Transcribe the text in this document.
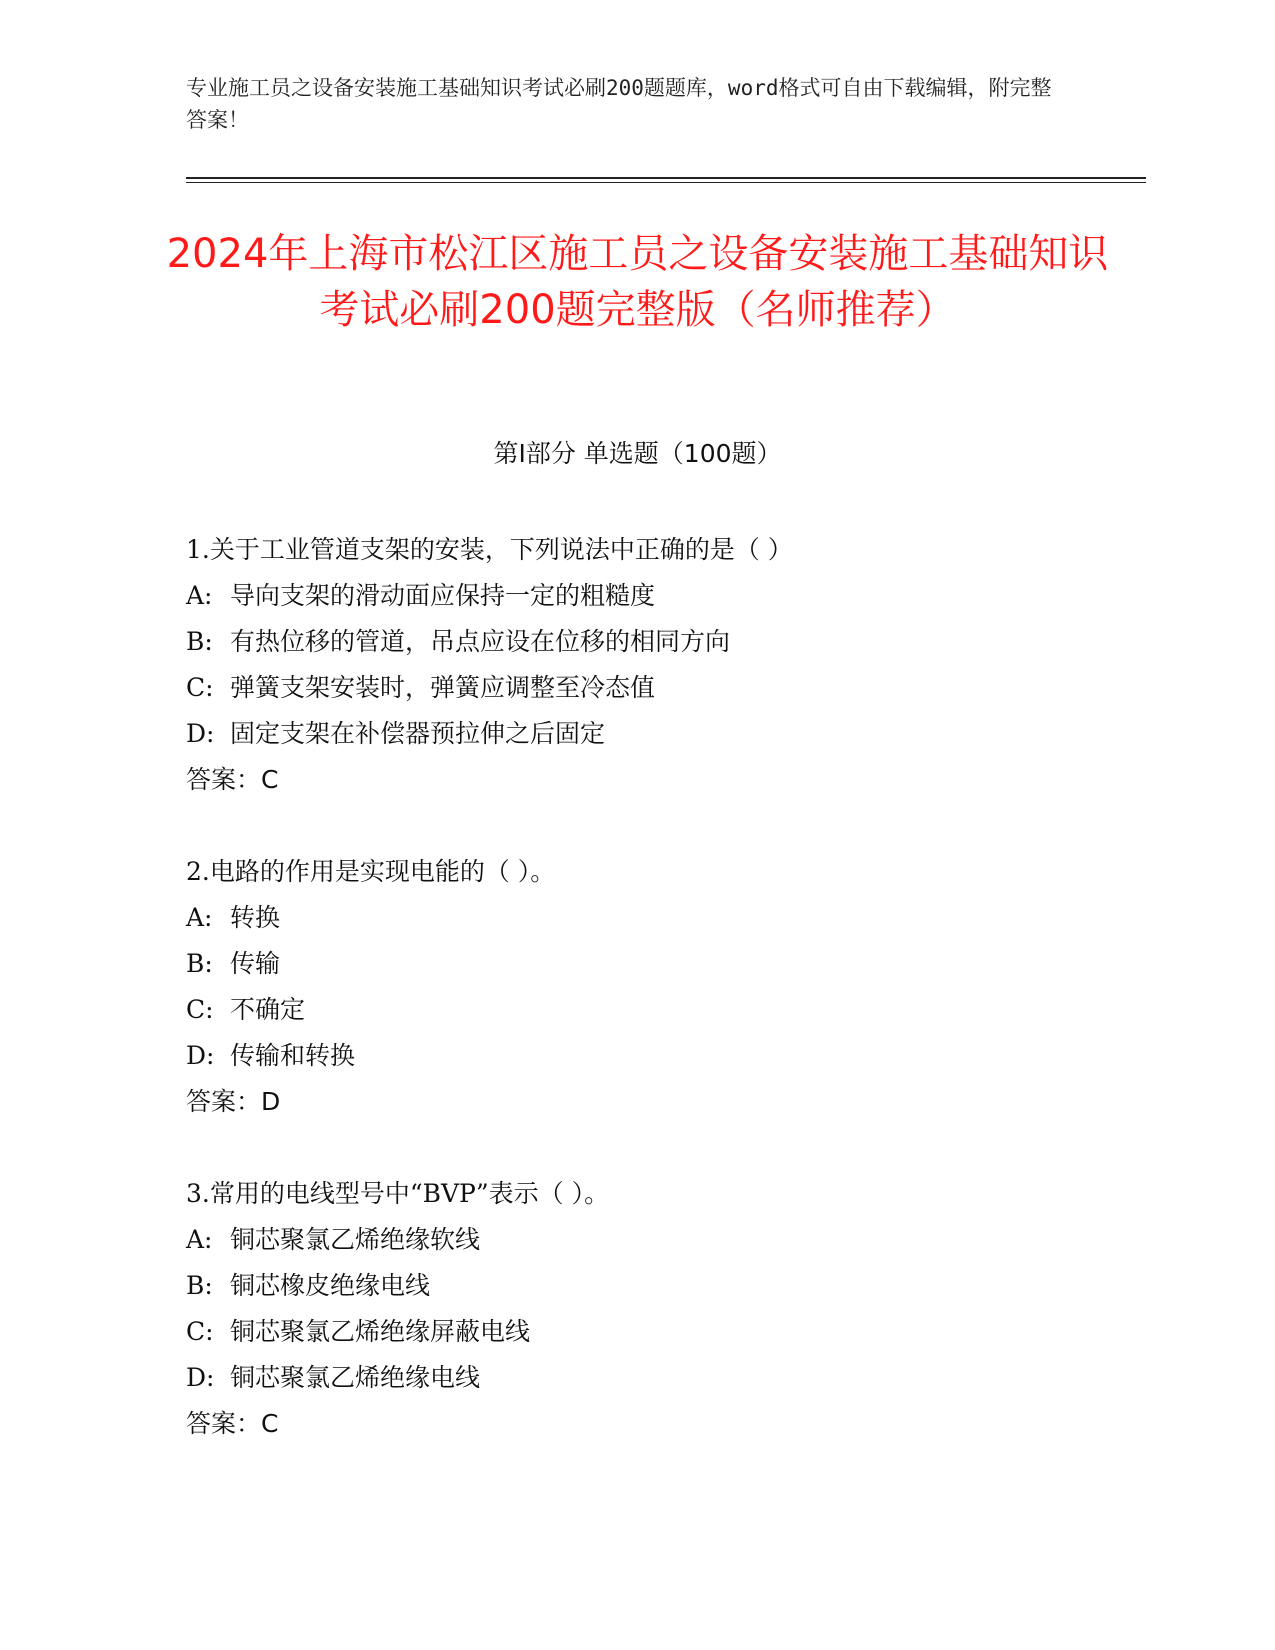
专业施工员之设备安装施工基础知识考试必刷200题题库，word格式可自由下载编辑，附完整答案！
2024年上海市松江区施工员之设备安装施工基础知识考试必刷200题完整版（名师推荐）
第Ⅰ部分 单选题（100题）
1.关于工业管道支架的安装，下列说法中正确的是（ ）
A: 导向支架的滑动面应保持一定的粗糙度
B: 有热位移的管道，吊点应设在位移的相同方向
C: 弹簧支架安装时，弹簧应调整至冷态值
D: 固定支架在补偿器预拉伸之后固定
答案：C
2.电路的作用是实现电能的（ ）。
A: 转换
B: 传输
C: 不确定
D: 传输和转换
答案：D
3.常用的电线型号中“BVP”表示（ ）。
A: 铜芯聚氯乙烯绝缘软线
B: 铜芯橡皮绝缘电线
C: 铜芯聚氯乙烯绝缘屏蔽电线
D: 铜芯聚氯乙烯绝缘电线
答案：C
